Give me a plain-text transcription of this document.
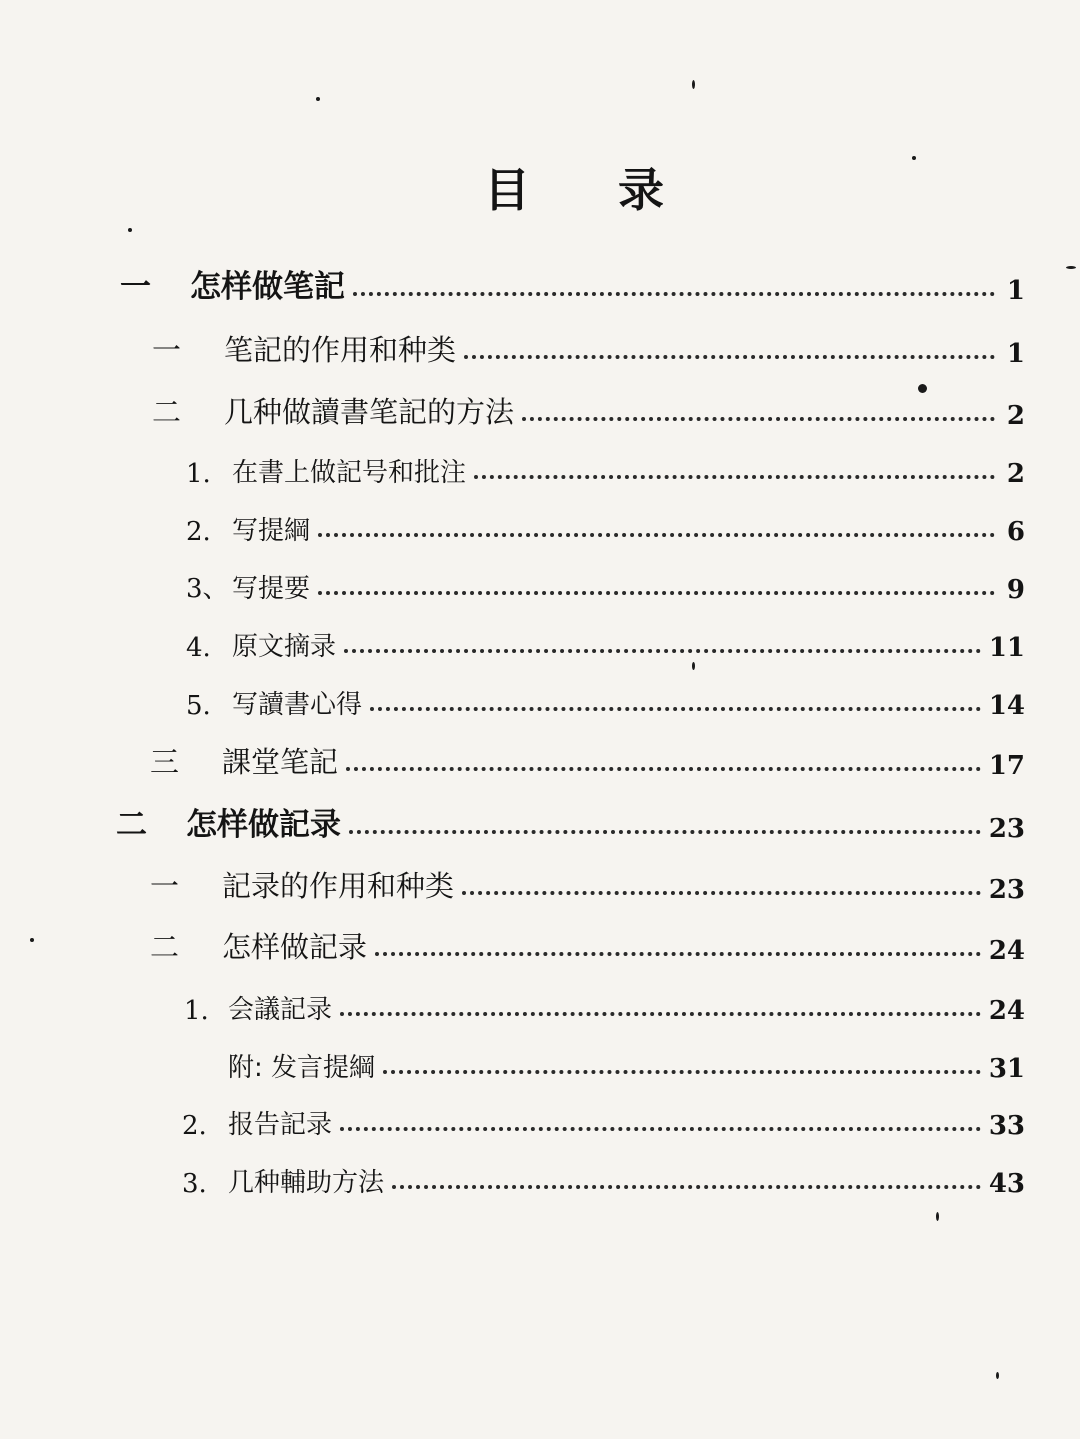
目 录
一	怎样做笔記	1
一	笔記的作用和种类	1
二	几种做讀書笔記的方法	2
1. 在書上做記号和批注	2
2. 写提綱	6
3、 写提要	9
4. 原文摘录	11
5. 写讀書心得	14
三	課堂笔記	17
二	怎样做記录	23
一	記录的作用和种类	23
二	怎样做記录	24
1. 会議記录	24
附: 发言提綱	31
2. 报告記录	33
3. 几种輔助方法	43
